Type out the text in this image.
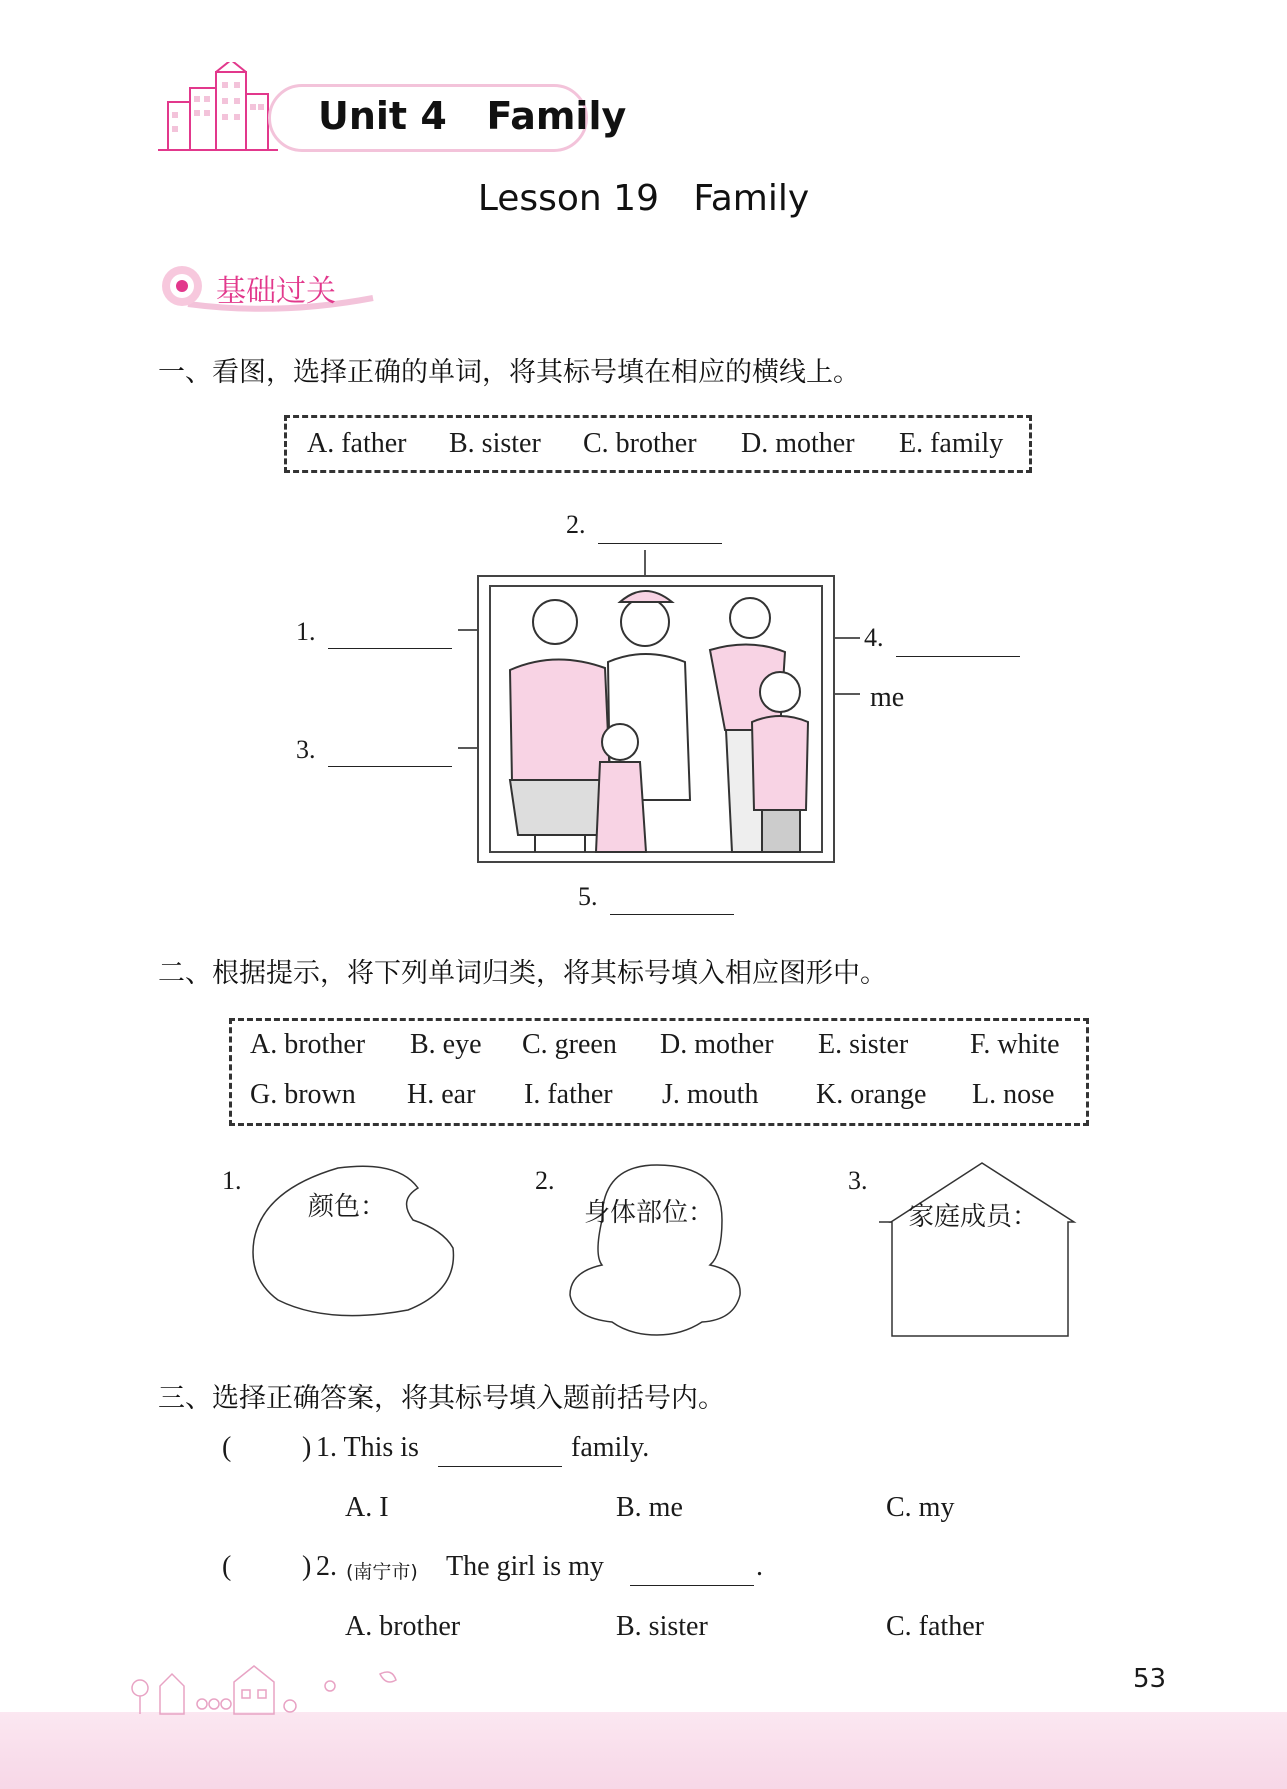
Unit 4   Family
Lesson 19   Family
基础过关
一、看图，选择正确的单词，将其标号填在相应的横线上。
A. father B. sister C. brother D. mother E. family
2.
1.
3.
4.
me
5.
二、根据提示，将下列单词归类，将其标号填入相应图形中。
A. brother B. eye C. green D. mother E. sister F. white
G. brown H. ear I. father J. mouth K. orange L. nose
1.
颜色：
2.
身体部位：
3.
家庭成员：
三、选择正确答案，将其标号填入题前括号内。
(	) 1. This is	family.
A. I	B. me	C. my
(	) 2. (南宁市) The girl is my	.
A. brother	B. sister	C. father
53
